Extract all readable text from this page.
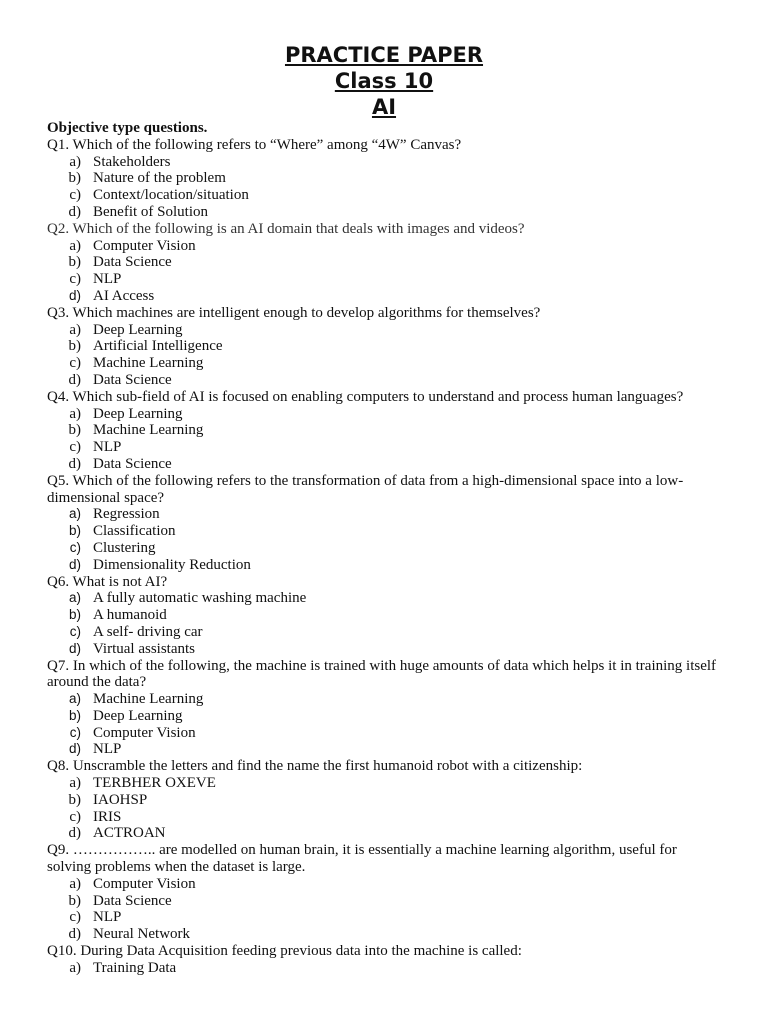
PRACTICE PAPER
Class 10
AI
Objective type questions.
Q1. Which of the following refers to “Where” among “4W” Canvas?
a) Stakeholders
b) Nature of the problem
c) Context/location/situation
d) Benefit of Solution
Q2. Which of the following is an AI domain that deals with images and videos?
a) Computer Vision
b) Data Science
c) NLP
d) AI Access
Q3. Which machines are intelligent enough to develop algorithms for themselves?
a) Deep Learning
b) Artificial Intelligence
c) Machine Learning
d) Data Science
Q4. Which sub-field of AI is focused on enabling computers to understand and process human languages?
a) Deep Learning
b) Machine Learning
c) NLP
d) Data Science
Q5. Which of the following refers to the transformation of data from a high-dimensional space into a low-dimensional space?
a) Regression
b) Classification
c) Clustering
d) Dimensionality Reduction
Q6. What is not AI?
a) A fully automatic washing machine
b) A humanoid
c) A self- driving car
d) Virtual assistants
Q7. In which of the following, the machine is trained with huge amounts of data which helps it in training itself around the data?
a) Machine Learning
b) Deep Learning
c) Computer Vision
d) NLP
Q8. Unscramble the letters and find the name the first humanoid robot with a citizenship:
a) TERBHER OXEVE
b) IAOHSP
c) IRIS
d) ACTROAN
Q9. …………….. are modelled on human brain, it is essentially a machine learning algorithm, useful for solving problems when the dataset is large.
a) Computer Vision
b) Data Science
c) NLP
d) Neural Network
Q10. During Data Acquisition feeding previous data into the machine is called:
a) Training Data
